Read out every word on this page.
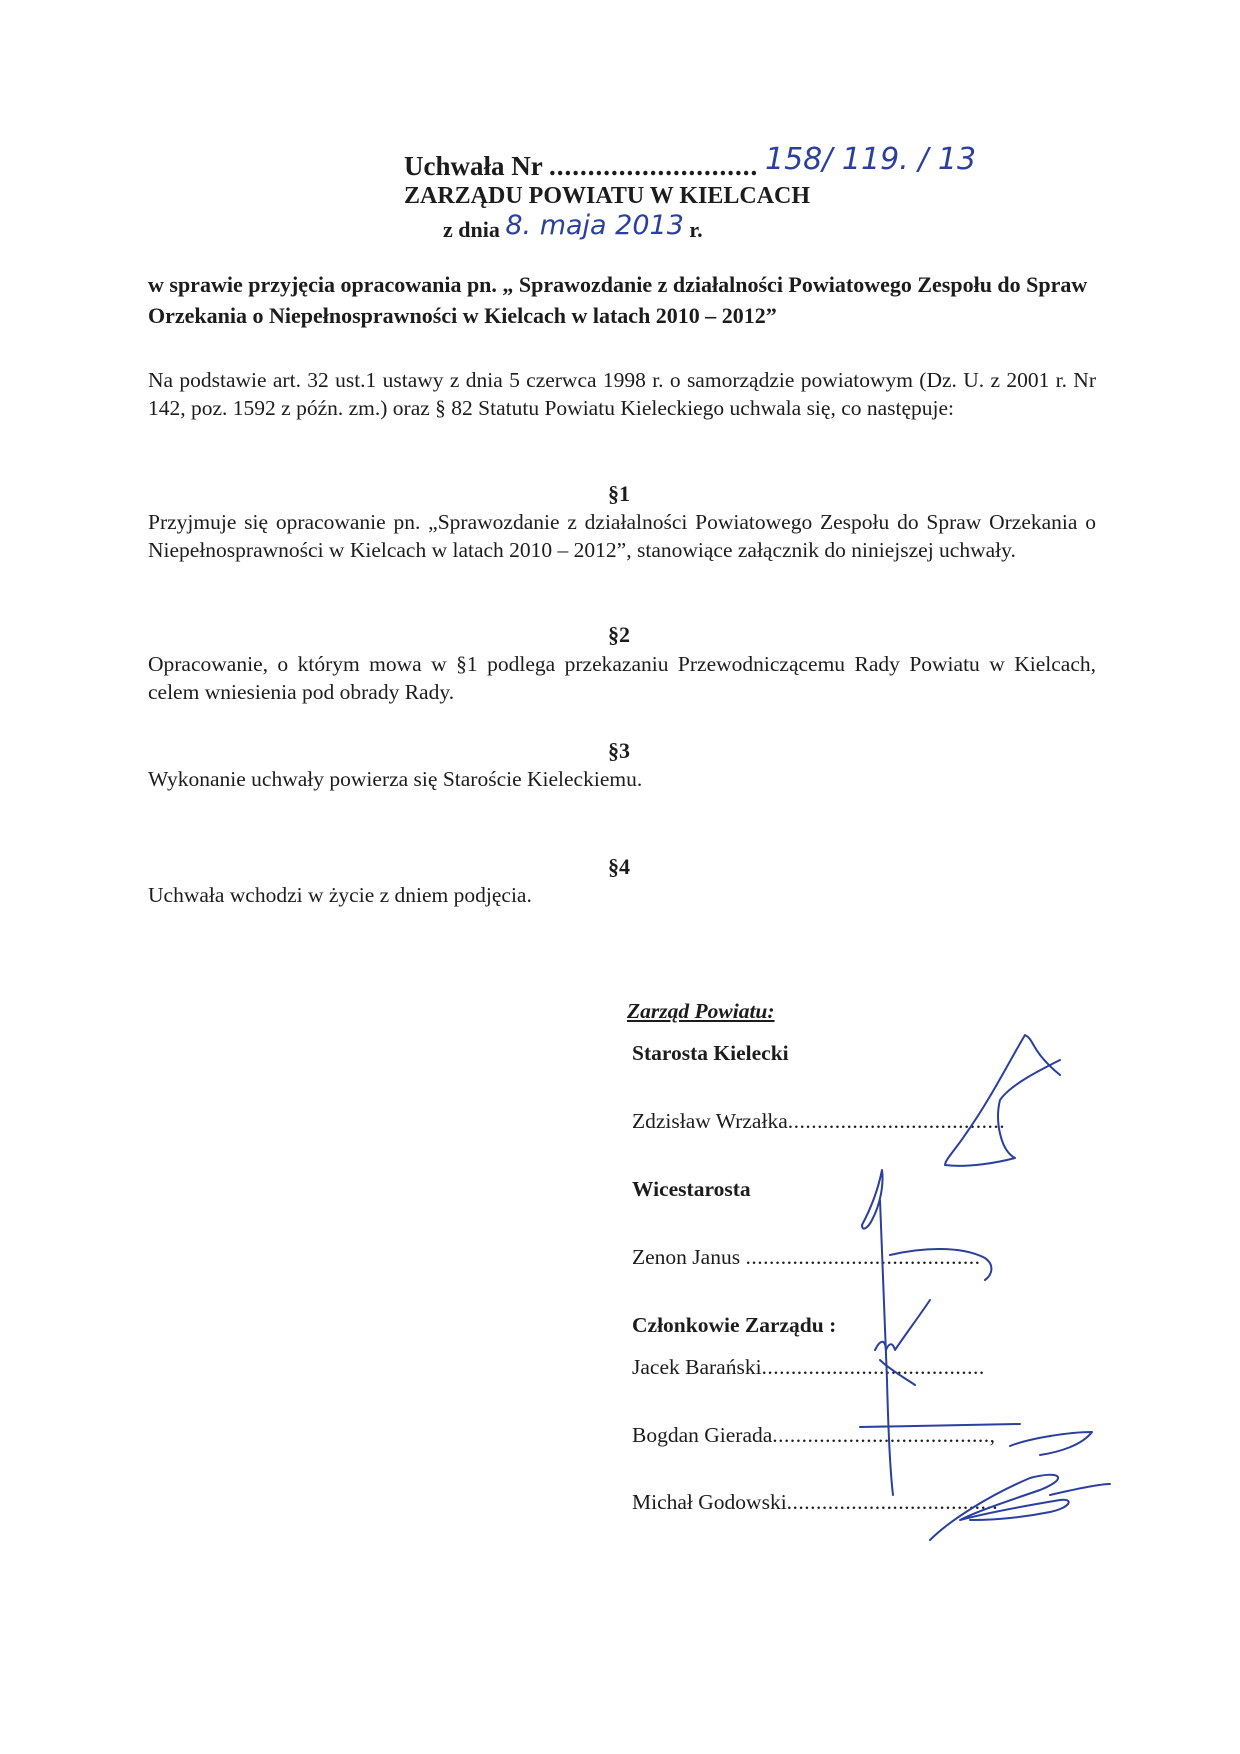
Uchwała Nr ........................... 158/ 119. / 13
ZARZĄDU POWIATU W KIELCACH
z dnia 8. maja 2013 r.
w sprawie przyjęcia opracowania pn. „ Sprawozdanie z działalności Powiatowego Zespołu do Spraw Orzekania o Niepełnosprawności w Kielcach w latach 2010 – 2012”
Na podstawie art. 32 ust.1 ustawy z dnia 5 czerwca 1998 r. o samorządzie powiatowym (Dz. U. z 2001 r. Nr 142, poz. 1592 z późn. zm.) oraz § 82 Statutu Powiatu Kieleckiego uchwala się, co następuje:
§1
Przyjmuje się opracowanie pn. „Sprawozdanie z działalności Powiatowego Zespołu do Spraw Orzekania o Niepełnosprawności w Kielcach w latach 2010 – 2012”, stanowiące załącznik do niniejszej uchwały.
§2
Opracowanie, o którym mowa w §1 podlega przekazaniu Przewodniczącemu Rady Powiatu w Kielcach, celem wniesienia pod obrady Rady.
§3
Wykonanie uchwały powierza się Staroście Kieleckiemu.
§4
Uchwała wchodzi w życie z dniem podjęcia.
Zarząd Powiatu:
Starosta Kielecki
Zdzisław Wrzałka.....................................
Wicestarosta
Zenon Janus ........................................
Członkowie Zarządu :
Jacek Barański......................................
Bogdan Gierada.....................................,
Michał Godowski....................................
